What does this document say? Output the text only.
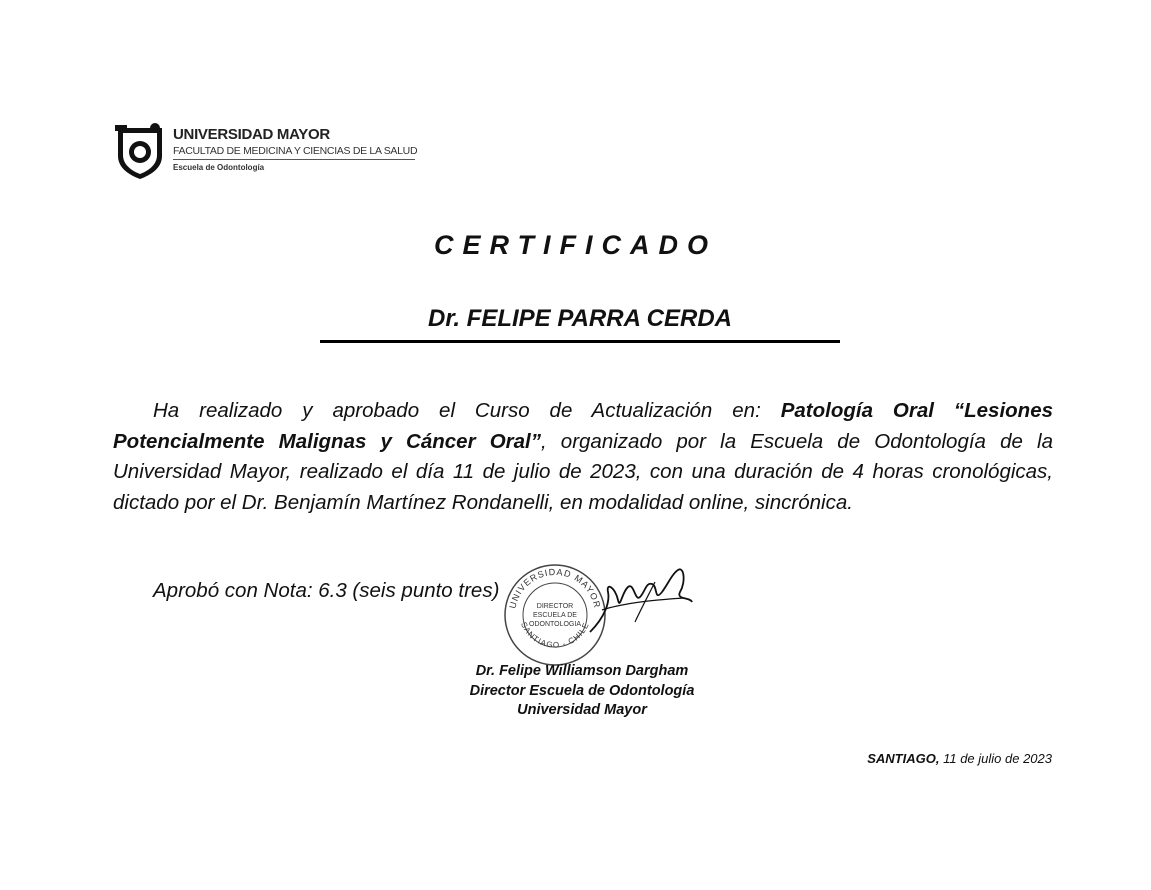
UNIVERSIDAD MAYOR
FACULTAD DE MEDICINA Y CIENCIAS DE LA SALUD
Escuela de Odontología
CERTIFICADO
Dr. FELIPE PARRA CERDA
Ha realizado y aprobado el Curso de Actualización en: Patología Oral “Lesiones Potencialmente Malignas y Cáncer Oral”, organizado por la Escuela de Odontología de la Universidad Mayor, realizado el día 11 de julio de 2023, con una duración de 4 horas cronológicas, dictado por el Dr. Benjamín Martínez Rondanelli, en modalidad online, sincrónica.
Aprobó con Nota: 6.3 (seis punto tres)
UNIVERSIDAD MAYOR
SANTIAGO - CHILE
DIRECTOR
ESCUELA DE
ODONTOLOGIA
Dr. Felipe Williamson Dargham
Director Escuela de Odontología
Universidad Mayor
SANTIAGO, 11 de julio de 2023
